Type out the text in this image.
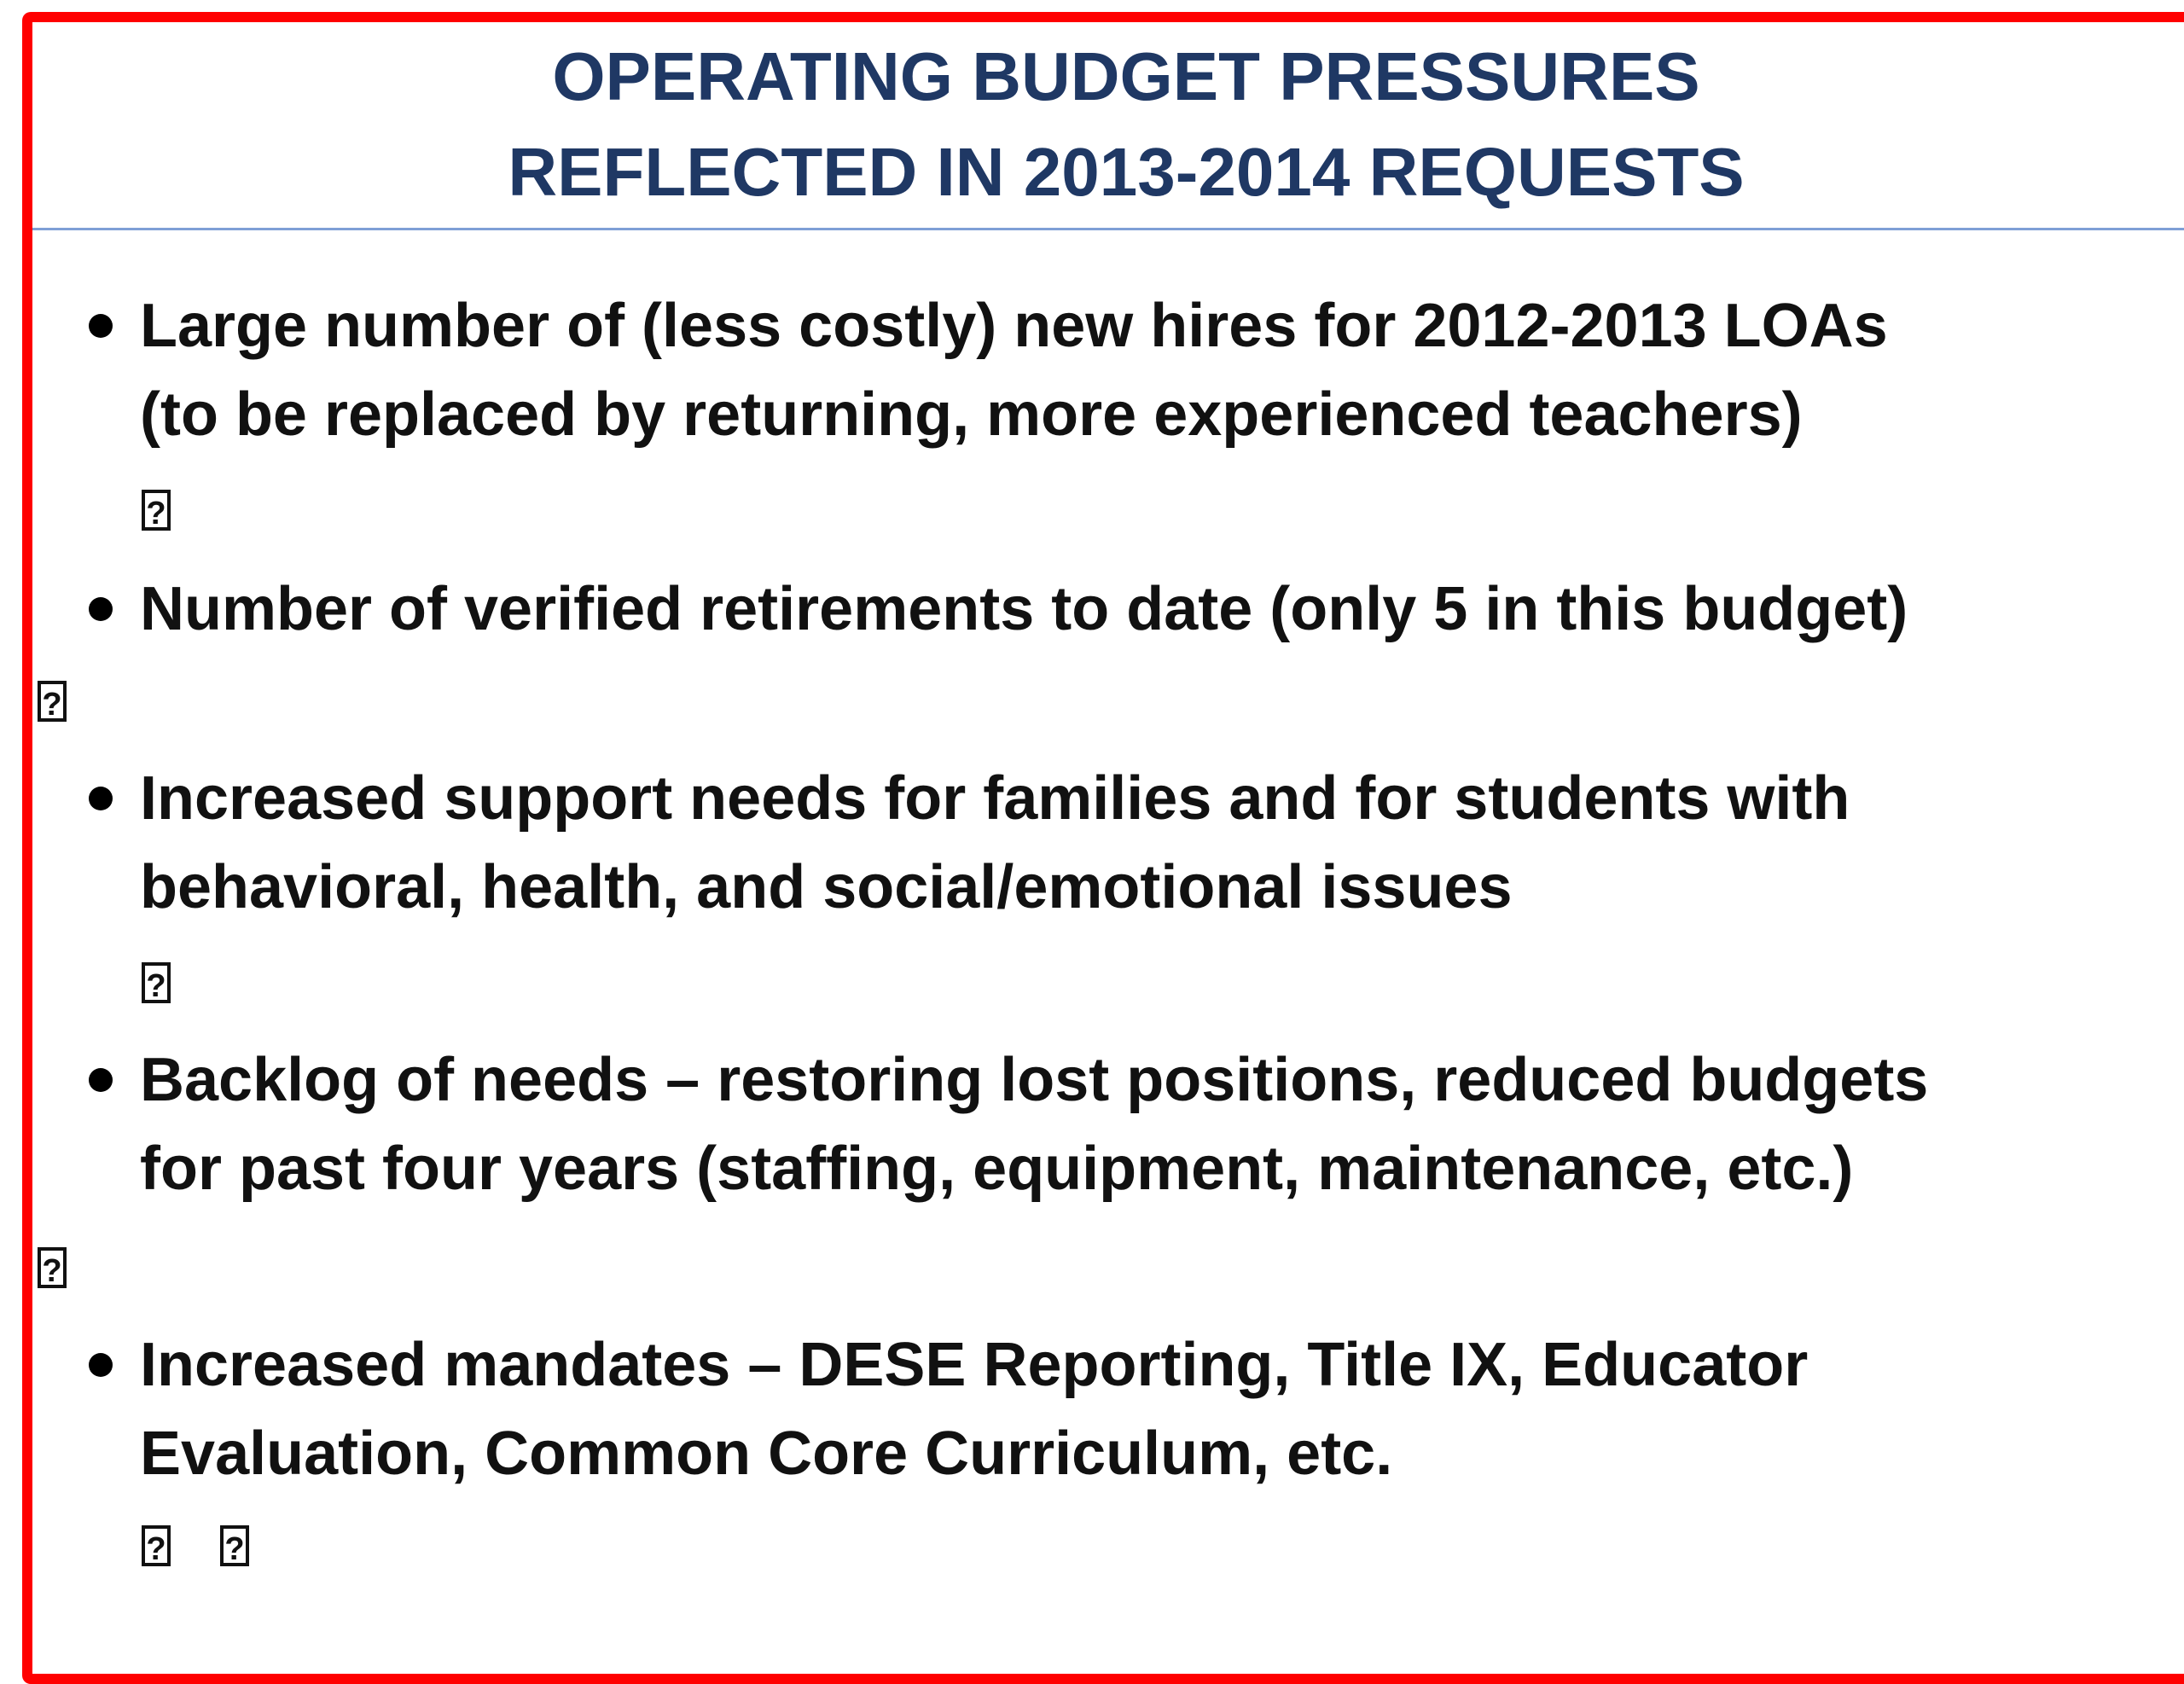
OPERATING BUDGET PRESSURES
REFLECTED IN 2013-2014 REQUESTS
Large number of (less costly) new hires for 2012-2013 LOAs
(to be replaced by returning, more experienced teachers)
?
Number of verified retirements to date (only 5 in this budget)
?
Increased support needs for families and for students with
behavioral, health, and social/emotional issues
?
Backlog of needs – restoring lost positions, reduced budgets
for past four years (staffing, equipment, maintenance, etc.)
?
Increased mandates – DESE Reporting, Title IX, Educator
Evaluation, Common Core Curriculum, etc.
?
?
